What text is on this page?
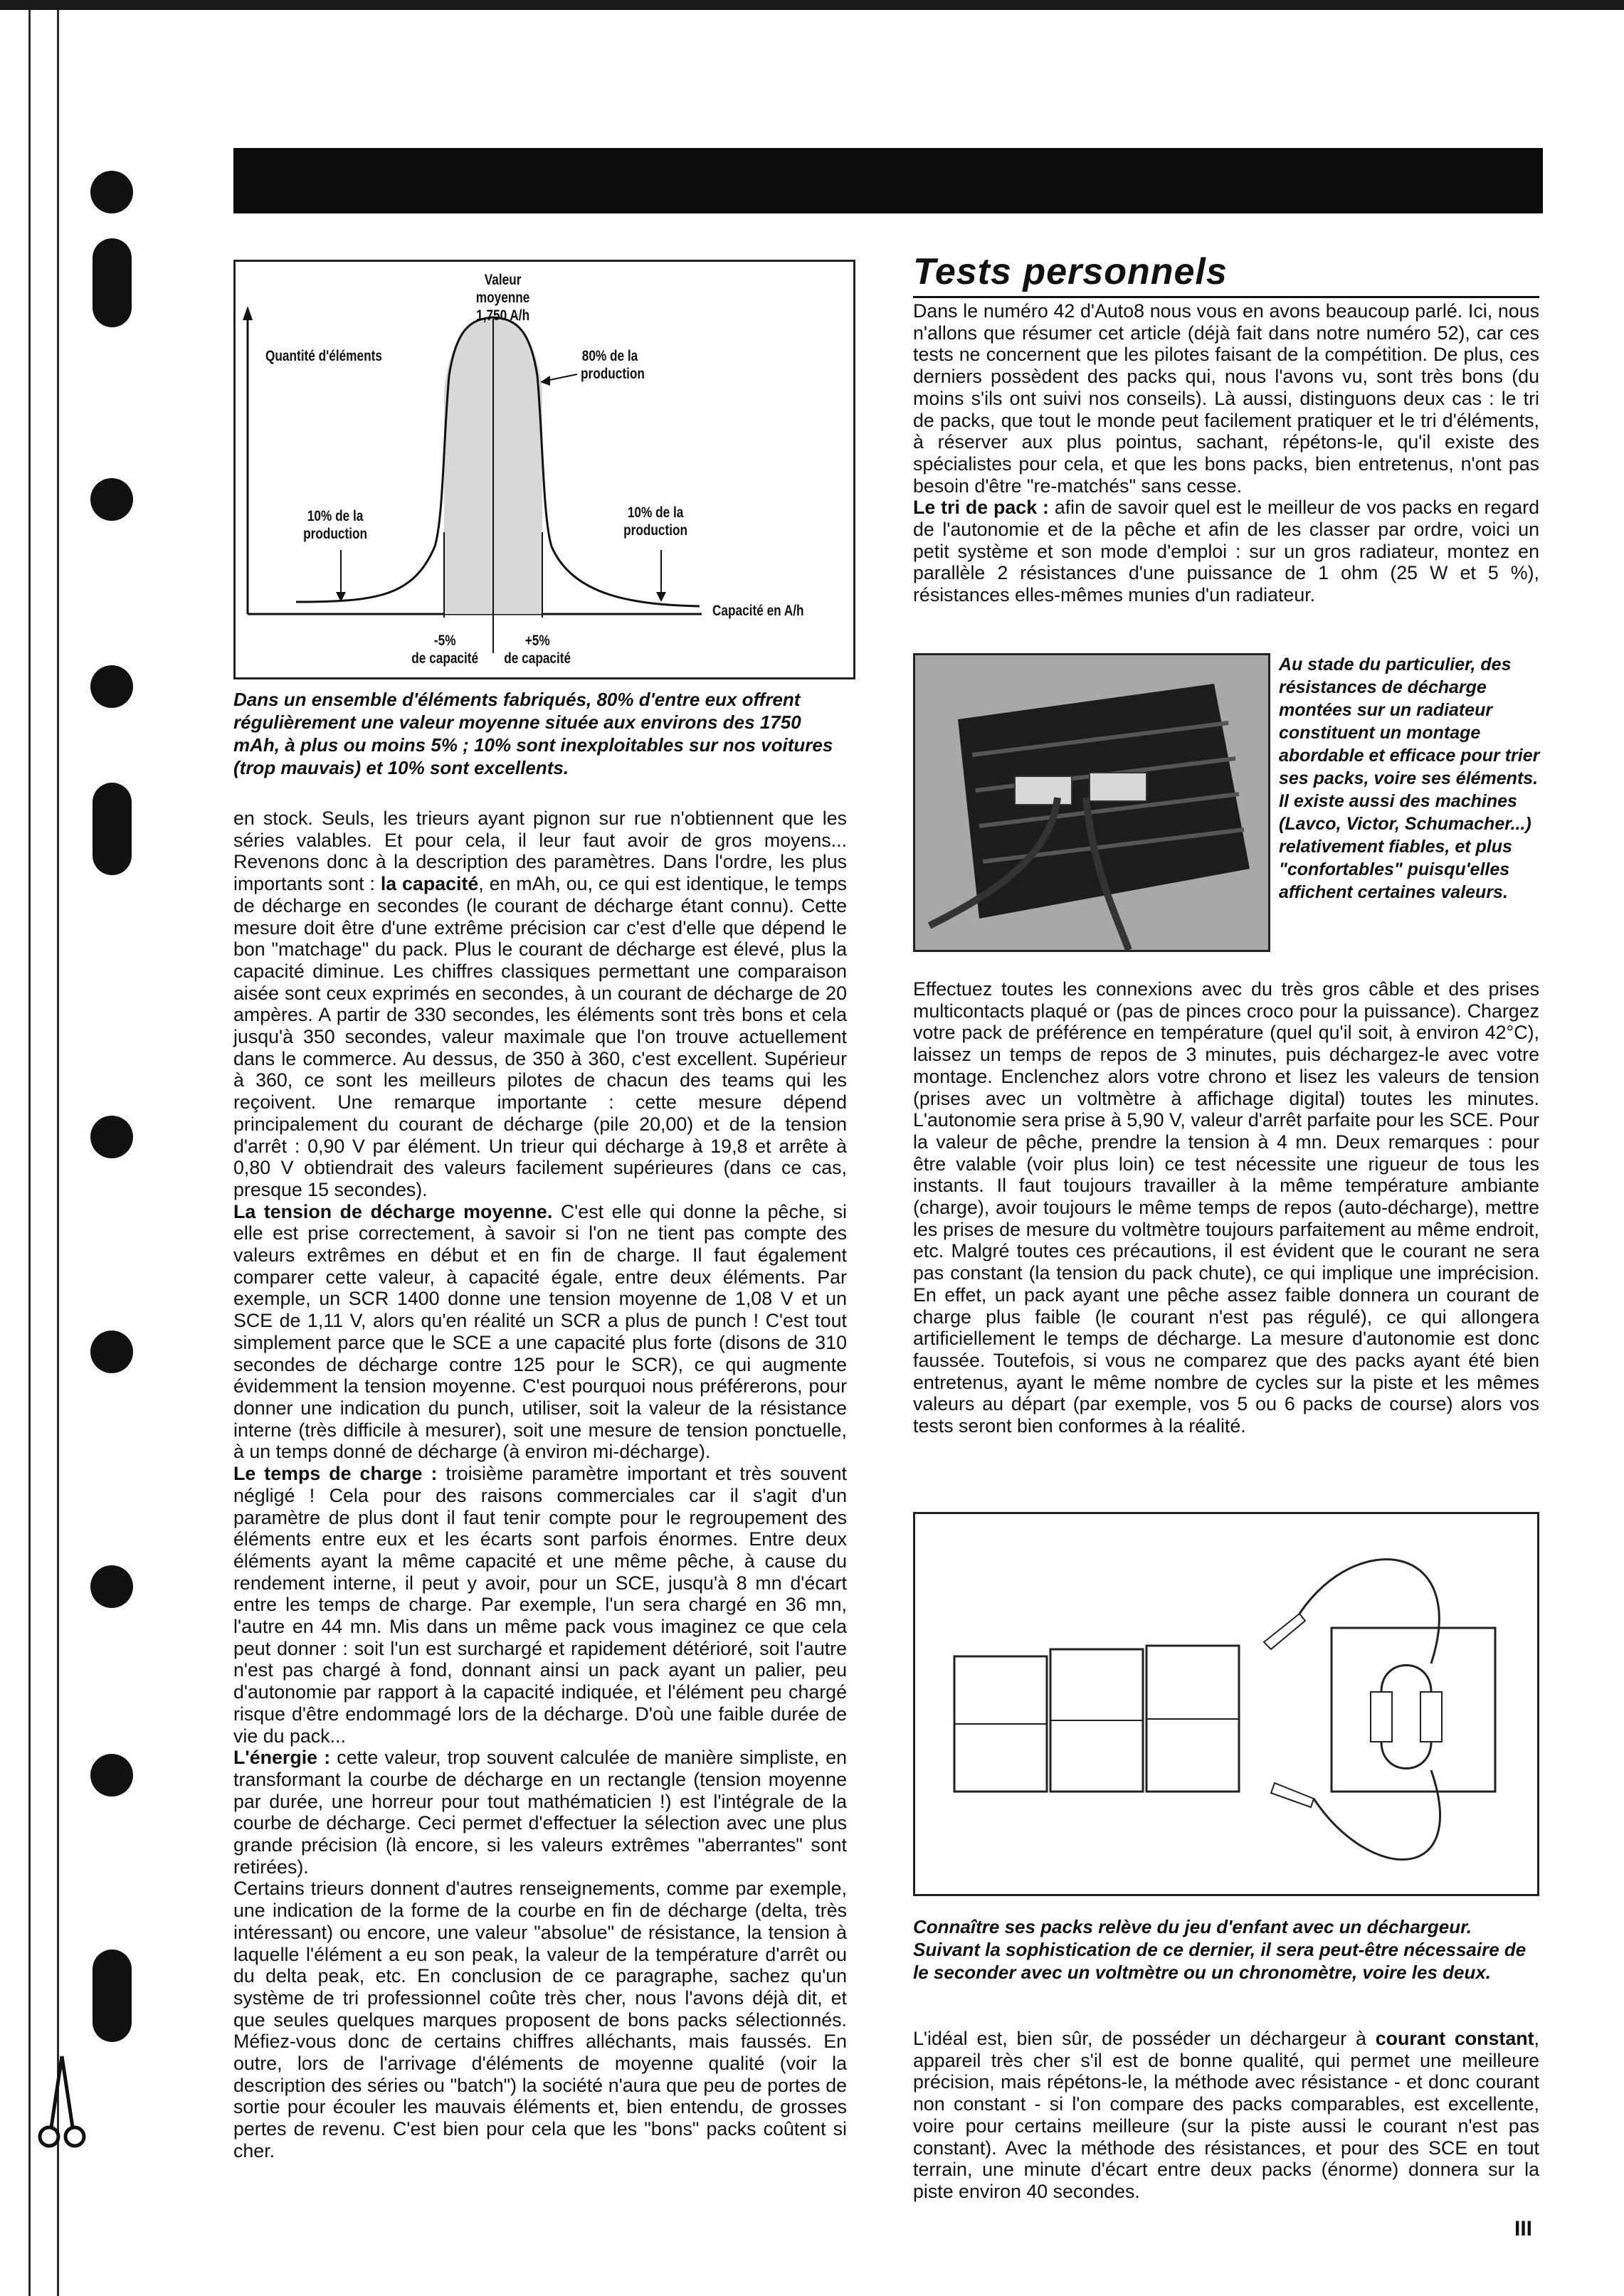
Valeur moyenne
1,750 A/h
Quantité d'éléments	80% de la
production
10% de la
production
10% de la
production
Capacité en A/h
-5%
de capacité
+5%
de capacité
Dans un ensemble d'éléments fabriqués, 80% d'entre eux offrent régulièrement une valeur moyenne située aux environs des 1750 mAh, à plus ou moins 5% ; 10% sont inexploitables sur nos voitures (trop mauvais) et 10% sont excellents.

en stock. Seuls, les trieurs ayant pignon sur rue n'obtiennent que les séries valables. Et pour cela, il leur faut avoir de gros moyens... Revenons donc à la description des paramètres. Dans l'ordre, les plus importants sont : la capacité, en mAh, ou, ce qui est identique, le temps de décharge en secondes (le courant de décharge étant connu). Cette mesure doit être d'une extrême précision car c'est d'elle que dépend le bon "matchage" du pack. Plus le courant de décharge est élevé, plus la capacité diminue. Les chiffres classiques permettant une comparaison aisée sont ceux exprimés en secondes, à un courant de décharge de 20 ampères. A partir de 330 secondes, les éléments sont très bons et cela jusqu'à 350 secondes, valeur maximale que l'on trouve actuellement dans le commerce. Au dessus, de 350 à 360, c'est excellent. Supérieur à 360, ce sont les meilleurs pilotes de chacun des teams qui les reçoivent. Une remarque importante : cette mesure dépend principalement du courant de décharge (pile 20,00) et de la tension d'arrêt : 0,90 V par élément. Un trieur qui décharge à 19,8 et arrête à 0,80 V obtiendrait des valeurs facilement supérieures (dans ce cas, presque 15 secondes).

La tension de décharge moyenne. C'est elle qui donne la pêche, si elle est prise correctement, à savoir si l'on ne tient pas compte des valeurs extrêmes en début et en fin de charge. Il faut également comparer cette valeur, à capacité égale, entre deux éléments. Par exemple, un SCR 1400 donne une tension moyenne de 1,08 V et un SCE de 1,11 V, alors qu'en réalité un SCR a plus de punch ! C'est tout simplement parce que le SCE a une capacité plus forte (disons de 310 secondes de décharge contre 125 pour le SCR), ce qui augmente évidemment la tension moyenne. C'est pourquoi nous préférerons, pour donner une indication du punch, utiliser, soit la valeur de la résistance interne (très difficile à mesurer), soit une mesure de tension ponctuelle, à un temps donné de décharge (à environ mi-décharge).

Le temps de charge : troisième paramètre important et très souvent négligé ! Cela pour des raisons commerciales car il s'agit d'un paramètre de plus dont il faut tenir compte pour le regroupement des éléments entre eux et les écarts sont parfois énormes. Entre deux éléments ayant la même capacité et une même pêche, à cause du rendement interne, il peut y avoir, pour un SCE, jusqu'à 8 mn d'écart entre les temps de charge. Par exemple, l'un sera chargé en 36 mn, l'autre en 44 mn. Mis dans un même pack vous imaginez ce que cela peut donner : soit l'un est surchargé et rapidement détérioré, soit l'autre n'est pas chargé à fond, donnant ainsi un pack ayant un palier, peu d'autonomie par rapport à la capacité indiquée, et l'élément peu chargé risque d'être endommagé lors de la décharge. D'où une faible durée de vie du pack...

L'énergie : cette valeur, trop souvent calculée de manière simpliste, en transformant la courbe de décharge en un rectangle (tension moyenne par durée, une horreur pour tout mathématicien !) est l'intégrale de la courbe de décharge. Ceci permet d'effectuer la sélection avec une plus grande précision (là encore, si les valeurs extrêmes "aberrantes" sont retirées).

Certains trieurs donnent d'autres renseignements, comme par exemple, une indication de la forme de la courbe en fin de décharge (delta, très intéressant) ou encore, une valeur "absolue" de résistance, la tension à laquelle l'élément a eu son peak, la valeur de la température d'arrêt ou du delta peak, etc. En conclusion de ce paragraphe, sachez qu'un système de tri professionnel coûte très cher, nous l'avons déjà dit, et que seules quelques marques proposent de bons packs sélectionnés. Méfiez-vous donc de certains chiffres alléchants, mais faussés. En outre, lors de l'arrivage d'éléments de moyenne qualité (voir la description des séries ou "batch") la société n'aura que peu de portes de sortie pour écouler les mauvais éléments et, bien entendu, de grosses pertes de revenu. C'est bien pour cela que les "bons" packs coûtent si cher.

Tests personnels

Dans le numéro 42 d'Auto8 nous vous en avons beaucoup parlé. Ici, nous n'allons que résumer cet article (déjà fait dans notre numéro 52), car ces tests ne concernent que les pilotes faisant de la compétition. De plus, ces derniers possèdent des packs qui, nous l'avons vu, sont très bons (du moins s'ils ont suivi nos conseils). Là aussi, distinguons deux cas : le tri de packs, que tout le monde peut facilement pratiquer et le tri d'éléments, à réserver aux plus pointus, sachant, répétons-le, qu'il existe des spécialistes pour cela, et que les bons packs, bien entretenus, n'ont pas besoin d'être "re-matchés" sans cesse.

Le tri de pack : afin de savoir quel est le meilleur de vos packs en regard de l'autonomie et de la pêche et afin de les classer par ordre, voici un petit système et son mode d'emploi : sur un gros radiateur, montez en parallèle 2 résistances d'une puissance de 1 ohm (25 W et 5 %), résistances elles-mêmes munies d'un radiateur.

Au stade du particulier, des résistances de décharge montées sur un radiateur constituent un montage abordable et efficace pour trier ses packs, voire ses éléments. Il existe aussi des machines (Lavco, Victor, Schumacher...) relativement fiables, et plus "confortables" puisqu'elles affichent certaines valeurs.

Effectuez toutes les connexions avec du très gros câble et des prises multicontacts plaqué or (pas de pinces croco pour la puissance). Chargez votre pack de préférence en température (quel qu'il soit, à environ 42°C), laissez un temps de repos de 3 minutes, puis déchargez-le avec votre montage. Enclenchez alors votre chrono et lisez les valeurs de tension (prises avec un voltmètre à affichage digital) toutes les minutes. L'autonomie sera prise à 5,90 V, valeur d'arrêt parfaite pour les SCE. Pour la valeur de pêche, prendre la tension à 4 mn. Deux remarques : pour être valable (voir plus loin) ce test nécessite une rigueur de tous les instants. Il faut toujours travailler à la même température ambiante (charge), avoir toujours le même temps de repos (auto-décharge), mettre les prises de mesure du voltmètre toujours parfaitement au même endroit, etc. Malgré toutes ces précautions, il est évident que le courant ne sera pas constant (la tension du pack chute), ce qui implique une imprécision. En effet, un pack ayant une pêche assez faible donnera un courant de charge plus faible (le courant n'est pas régulé), ce qui allongera artificiellement le temps de décharge. La mesure d'autonomie est donc faussée. Toutefois, si vous ne comparez que des packs ayant été bien entretenus, ayant le même nombre de cycles sur la piste et les mêmes valeurs au départ (par exemple, vos 5 ou 6 packs de course) alors vos tests seront bien conformes à la réalité.

Connaître ses packs relève du jeu d'enfant avec un déchargeur. Suivant la sophistication de ce dernier, il sera peut-être nécessaire de le seconder avec un voltmètre ou un chronomètre, voire les deux.

L'idéal est, bien sûr, de posséder un déchargeur à courant constant, appareil très cher s'il est de bonne qualité, qui permet une meilleure précision, mais répétons-le, la méthode avec résistance - et donc courant non constant - si l'on compare des packs comparables, est excellente, voire pour certains meilleure (sur la piste aussi le courant n'est pas constant). Avec la méthode des résistances, et pour des SCE en tout terrain, une minute d'écart entre deux packs (énorme) donnera sur la piste environ 40 secondes.

III
